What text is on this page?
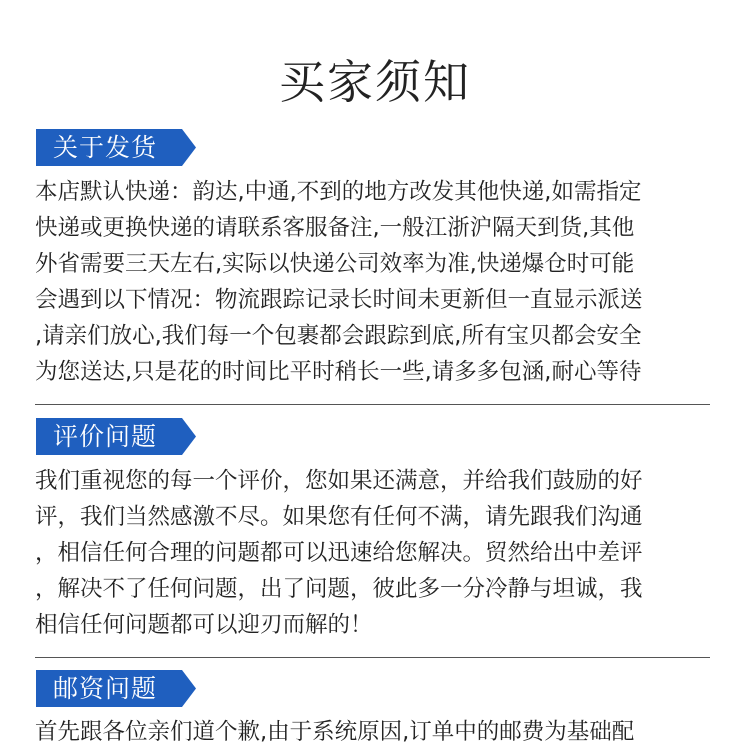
买家须知
关于发货
本店默认快递：韵达,中通,不到的地方改发其他快递,如需指定
快递或更换快递的请联系客服备注,一般江浙沪隔天到货,其他
外省需要三天左右,实际以快递公司效率为准,快递爆仓时可能
会遇到以下情况：物流跟踪记录长时间未更新但一直显示派送
,请亲们放心,我们每一个包裹都会跟踪到底,所有宝贝都会安全
为您送达,只是花的时间比平时稍长一些,请多多包涵,耐心等待
评价问题
我们重视您的每一个评价，您如果还满意，并给我们鼓励的好
评，我们当然感激不尽。如果您有任何不满，请先跟我们沟通
，相信任何合理的问题都可以迅速给您解决。贸然给出中差评
，解决不了任何问题，出了问题，彼此多一分冷静与坦诚，我
相信任何问题都可以迎刃而解的！
邮资问题
首先跟各位亲们道个歉,由于系统原因,订单中的邮费为基础配
